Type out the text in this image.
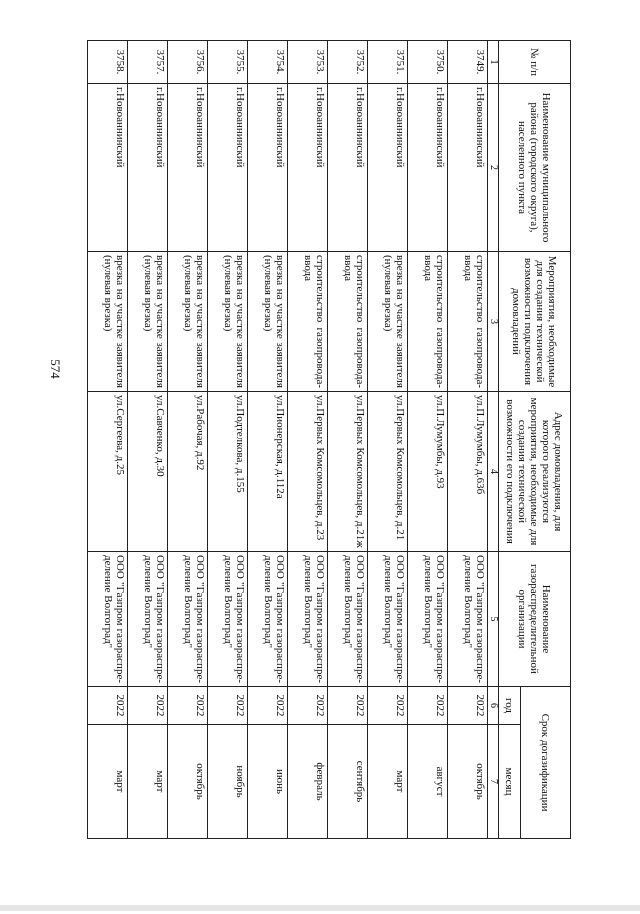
574
№ п/п	Наименование муниципального района (городского округа), населенного пункта	Мероприятия, необходимые для создания технической возможности подключения домовладений	Адрес домовладения, для которого реализуются мероприятия, необходимые для создания технической возможности его подключения	Наименование газораспределительной организации	Срок догазификации	
					год	месяц
1	2	3	4	5	6	7
3749.	г.Новоаннинский	строительство газопровода-ввода	ул.П.Лумумбы, д.63б	ООО "Газпром газораспре-деление Волгоград"	2022	октябрь
3750.	г.Новоаннинский	строительство газопровода-ввода	ул.П.Лумумбы, д.93	ООО "Газпром газораспре-деление Волгоград"	2022	август
3751.	г.Новоаннинский	врезка на участке заявителя (нулевая врезка)	ул.Первых Комсомольцев, д.21	ООО "Газпром газораспре-деление Волгоград"	2022	март
3752.	г.Новоаннинский	строительство газопровода-ввода	ул.Первых Комсомольцев, д.21ж	ООО "Газпром газораспре-деление Волгоград"	2022	сентябрь
3753.	г.Новоаннинский	строительство газопровода-ввода	ул.Первых Комсомольцев, д.23	ООО "Газпром газораспре-деление Волгоград"	2022	февраль
3754.	г.Новоаннинский	врезка на участке заявителя (нулевая врезка)	ул.Пионерская, д.112а	ООО "Газпром газораспре-деление Волгоград"	2022	июнь
3755.	г.Новоаннинский	врезка на участке заявителя (нулевая врезка)	ул.Подтелкова, д.155	ООО "Газпром газораспре-деление Волгоград"	2022	ноябрь
3756.	г.Новоаннинский	врезка на участке заявителя (нулевая врезка)	ул.Рабочая, д.92	ООО "Газпром газораспре-деление Волгоград"	2022	октябрь
3757.	г.Новоаннинский	врезка на участке заявителя (нулевая врезка)	ул.Савченко, д.30	ООО "Газпром газораспре-деление Волгоград"	2022	март
3758.	г.Новоаннинский	врезка на участке заявителя (нулевая врезка)	ул.Сергеева, д.25	ООО "Газпром газораспре-деление Волгоград"	2022	март
